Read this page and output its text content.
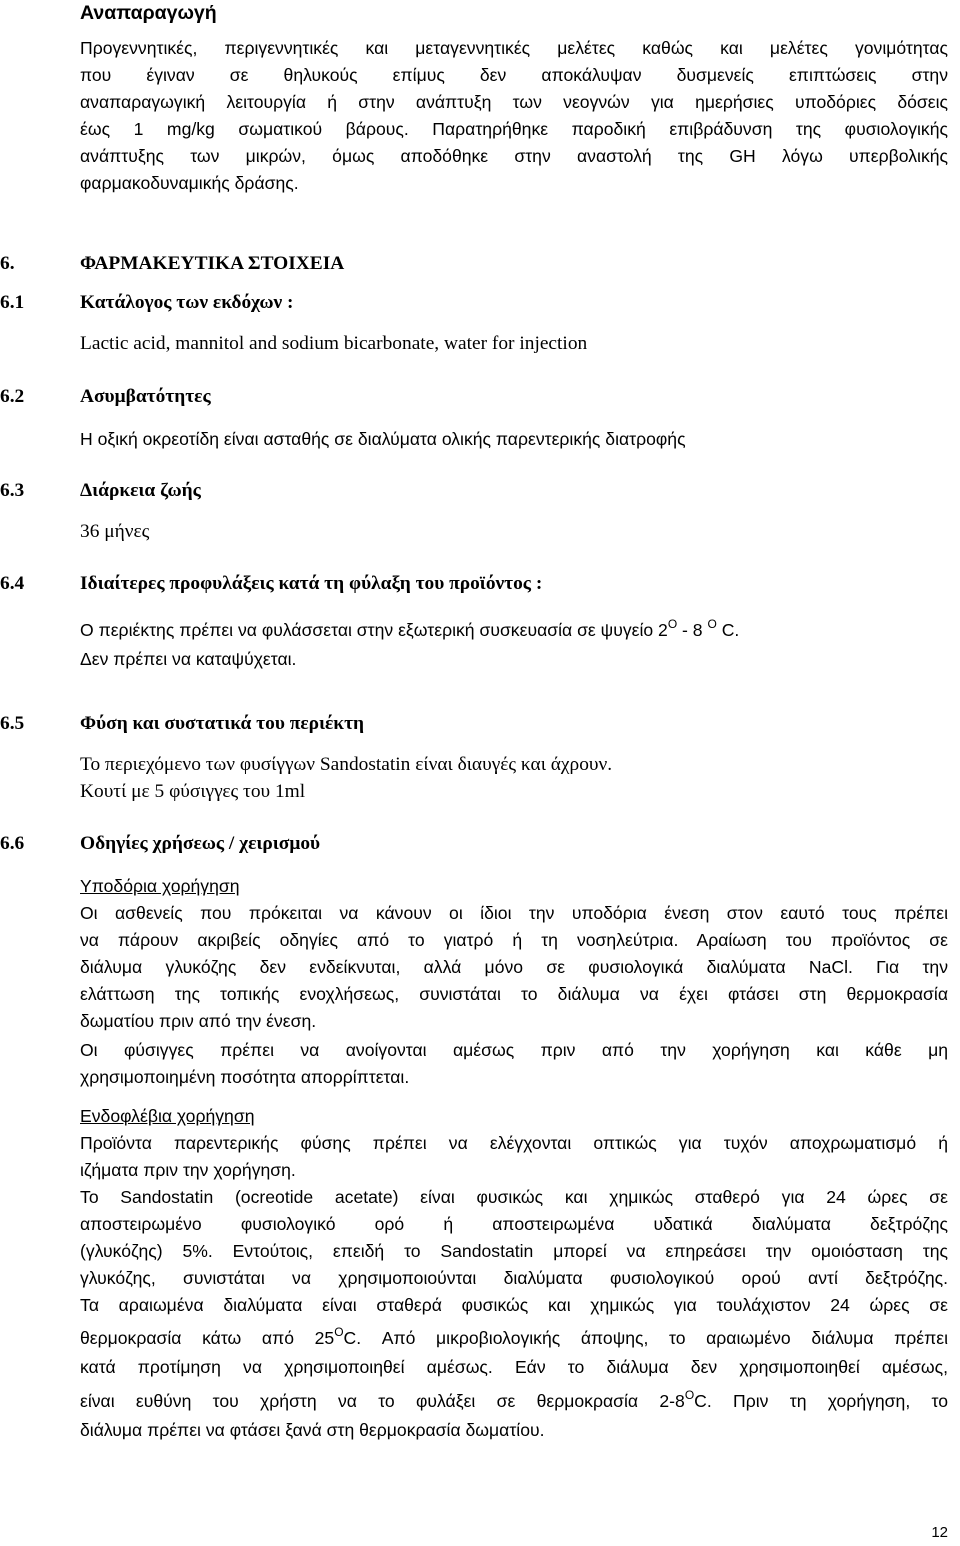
Αναπαραγωγή
Προγεννητικές, περιγεννητικές και μεταγεννητικές μελέτες καθώς και μελέτες γονιμότητας
που έγιναν σε θηλυκούς επίμυς δεν αποκάλυψαν δυσμενείς επιπτώσεις στην
αναπαραγωγική λειτουργία ή στην ανάπτυξη των νεογνών για ημερήσιες υποδόριες δόσεις
έως 1 mg/kg σωματικού βάρους. Παρατηρήθηκε παροδική επιβράδυνση της φυσιολογικής
ανάπτυξης των μικρών, όμως αποδόθηκε στην αναστολή της GH λόγω υπερβολικής
φαρμακοδυναμικής δράσης.
6.	ΦΑΡΜΑΚΕΥΤΙΚΑ ΣΤΟΙΧΕΙΑ
6.1	Κατάλογος των εκδόχων :
Lactic acid, mannitol and sodium bicarbonate, water for injection
6.2	Ασυμβατότητες
Η οξική οκρεοτίδη είναι ασταθής σε διαλύματα ολικής παρεντερικής διατροφής
6.3	Διάρκεια ζωής
36 μήνες
6.4	Ιδιαίτερες προφυλάξεις κατά τη φύλαξη του προϊόντος :
Ο περιέκτης πρέπει να φυλάσσεται στην εξωτερική συσκευασία σε ψυγείο $2^O - 8$ $^O$ C.
Δεν πρέπει να καταψύχεται.
6.5	Φύση και συστατικά του περιέκτη
Το περιεχόμενο των φυσίγγων Sandostatin είναι διαυγές και άχρουν.
Κουτί με 5 φύσιγγες του 1ml
6.6	Οδηγίες χρήσεως / χειρισμού
Υποδόρια χορήγηση
Οι ασθενείς που πρόκειται να κάνουν οι ίδιοι την υποδόρια ένεση στον εαυτό τους πρέπει
να πάρουν ακριβείς οδηγίες από το γιατρό ή τη νοσηλεύτρια. Αραίωση του προϊόντος σε
διάλυμα γλυκόζης δεν ενδείκνυται, αλλά μόνο σε φυσιολογικά διαλύματα NaCl. Για την
ελάττωση της τοπικής ενοχλήσεως, συνιστάται το διάλυμα να έχει φτάσει στη θερμοκρασία
δωματίου πριν από την ένεση.
Οι φύσιγγες πρέπει να ανοίγονται αμέσως πριν από την χορήγηση και κάθε μη
χρησιμοποιημένη ποσότητα απορρίπτεται.
Ενδοφλέβια χορήγηση
Προϊόντα παρεντερικής φύσης πρέπει να ελέγχονται οπτικώς για τυχόν αποχρωματισμό ή
ιζήματα πριν την χορήγηση.
Το Sandostatin (ocreotide acetate) είναι φυσικώς και χημικώς σταθερό για 24 ώρες σε
αποστειρωμένο φυσιολογικό ορό ή αποστειρωμένα υδατικά διαλύματα δεξτρόζης
(γλυκόζης) 5%. Εντούτοις, επειδή το Sandostatin μπορεί να επηρεάσει την ομοιόσταση της
γλυκόζης, συνιστάται να χρησιμοποιούνται διαλύματα φυσιολογικού ορού αντί δεξτρόζης.
Τα αραιωμένα διαλύματα είναι σταθερά φυσικώς και χημικώς για τουλάχιστον 24 ώρες σε
θερμοκρασία κάτω από $25^OC$. Από μικροβιολογικής άποψης, το αραιωμένο διάλυμα πρέπει
κατά προτίμηση να χρησιμοποιηθεί αμέσως. Εάν το διάλυμα δεν χρησιμοποιηθεί αμέσως,
είναι ευθύνη του χρήστη να το φυλάξει σε θερμοκρασία $2-8^OC$. Πριν τη χορήγηση, το
διάλυμα πρέπει να φτάσει ξανά στη θερμοκρασία δωματίου.
12
